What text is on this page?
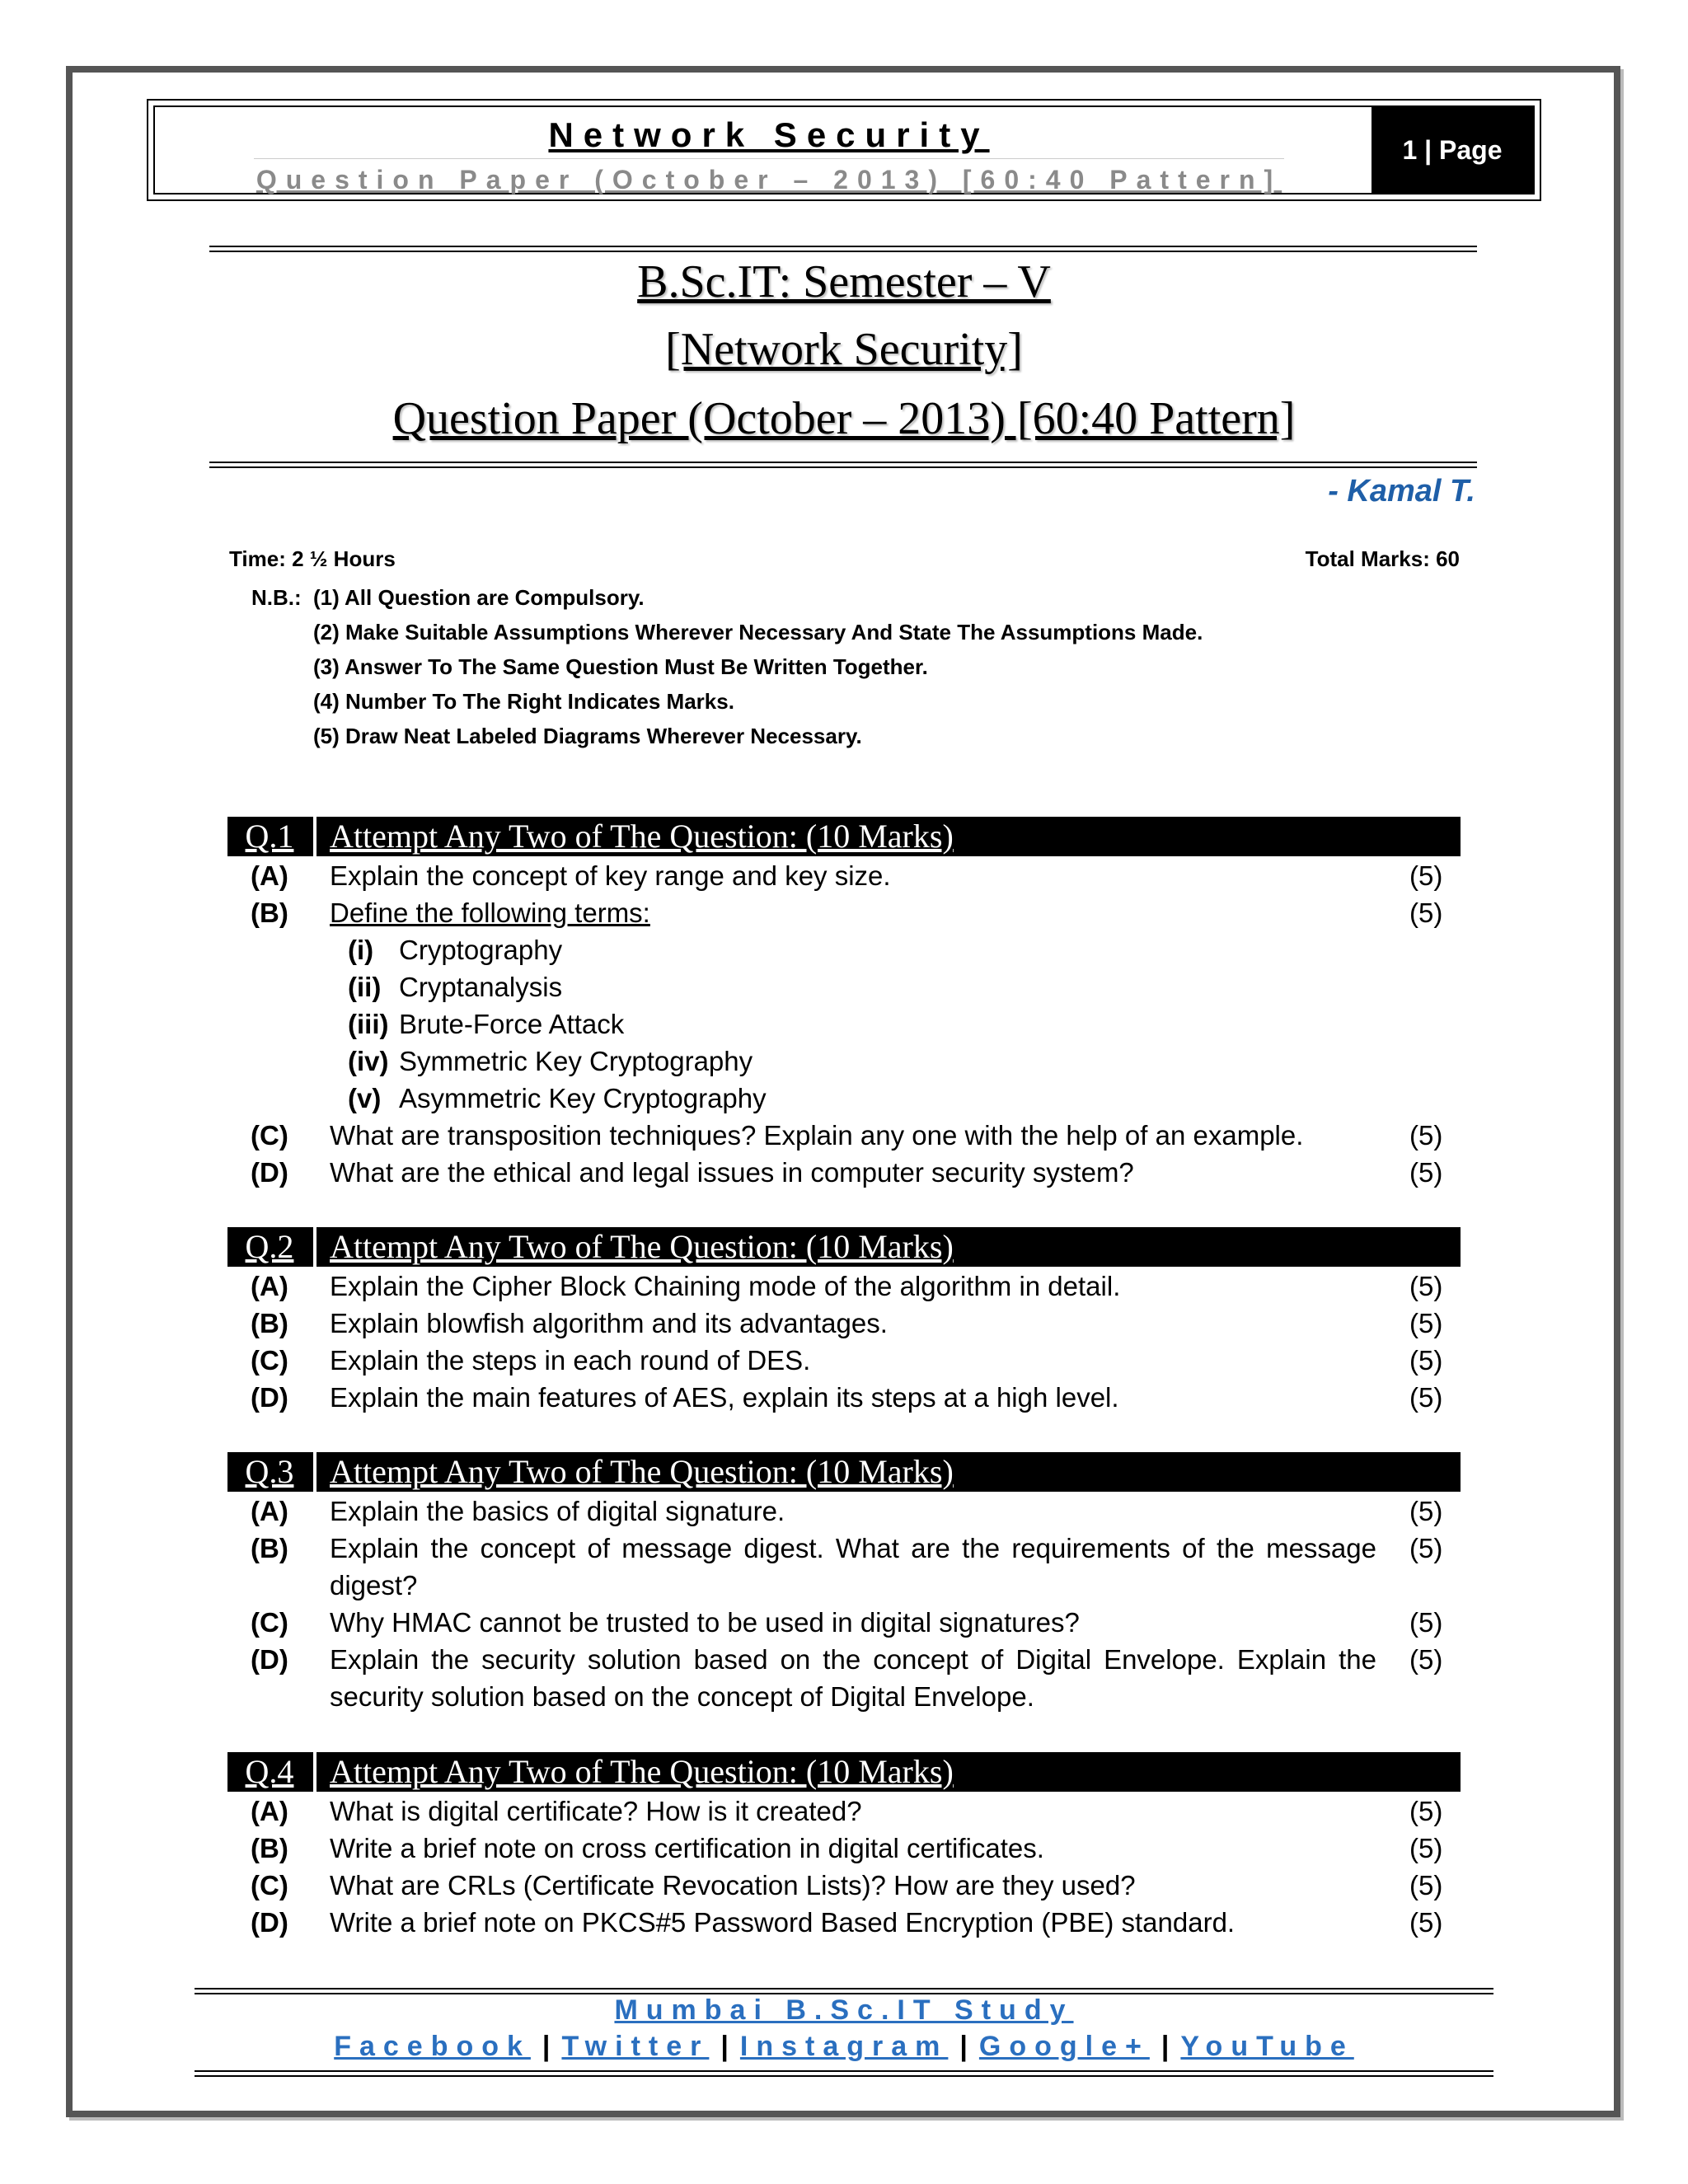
Network Security
Question Paper (October – 2013) [60:40 Pattern]
1 | Page
B.Sc.IT: Semester – V
[Network Security]
Question Paper (October – 2013) [60:40 Pattern]
- Kamal T.
Time: 2 ½ Hours	Total Marks: 60
N.B.: (1) All Question are Compulsory.
(2) Make Suitable Assumptions Wherever Necessary And State The Assumptions Made.
(3) Answer To The Same Question Must Be Written Together.
(4) Number To The Right Indicates Marks.
(5) Draw Neat Labeled Diagrams Wherever Necessary.
Q.1	Attempt Any Two of The Question: (10 Marks)
(A) Explain the concept of key range and key size.	(5)
(B) Define the following terms:	(5)
(i) Cryptography
(ii) Cryptanalysis
(iii) Brute-Force Attack
(iv) Symmetric Key Cryptography
(v) Asymmetric Key Cryptography
(C) What are transposition techniques? Explain any one with the help of an example.	(5)
(D) What are the ethical and legal issues in computer security system?	(5)
Q.2	Attempt Any Two of The Question: (10 Marks)
(A) Explain the Cipher Block Chaining mode of the algorithm in detail.	(5)
(B) Explain blowfish algorithm and its advantages.	(5)
(C) Explain the steps in each round of DES.	(5)
(D) Explain the main features of AES, explain its steps at a high level.	(5)
Q.3	Attempt Any Two of The Question: (10 Marks)
(A) Explain the basics of digital signature.	(5)
(B) Explain the concept of message digest. What are the requirements of the message digest?
(5)
(C) Why HMAC cannot be trusted to be used in digital signatures?	(5)
(D) Explain the security solution based on the concept of Digital Envelope. Explain the security solution based on the concept of Digital Envelope.
(5)
Q.4	Attempt Any Two of The Question: (10 Marks)
(A) What is digital certificate? How is it created?	(5)
(B) Write a brief note on cross certification in digital certificates.	(5)
(C) What are CRLs (Certificate Revocation Lists)? How are they used?	(5)
(D) Write a brief note on PKCS#5 Password Based Encryption (PBE) standard.	(5)
Mumbai B.Sc.IT Study
Facebook | Twitter | Instagram | Google+ | YouTube
